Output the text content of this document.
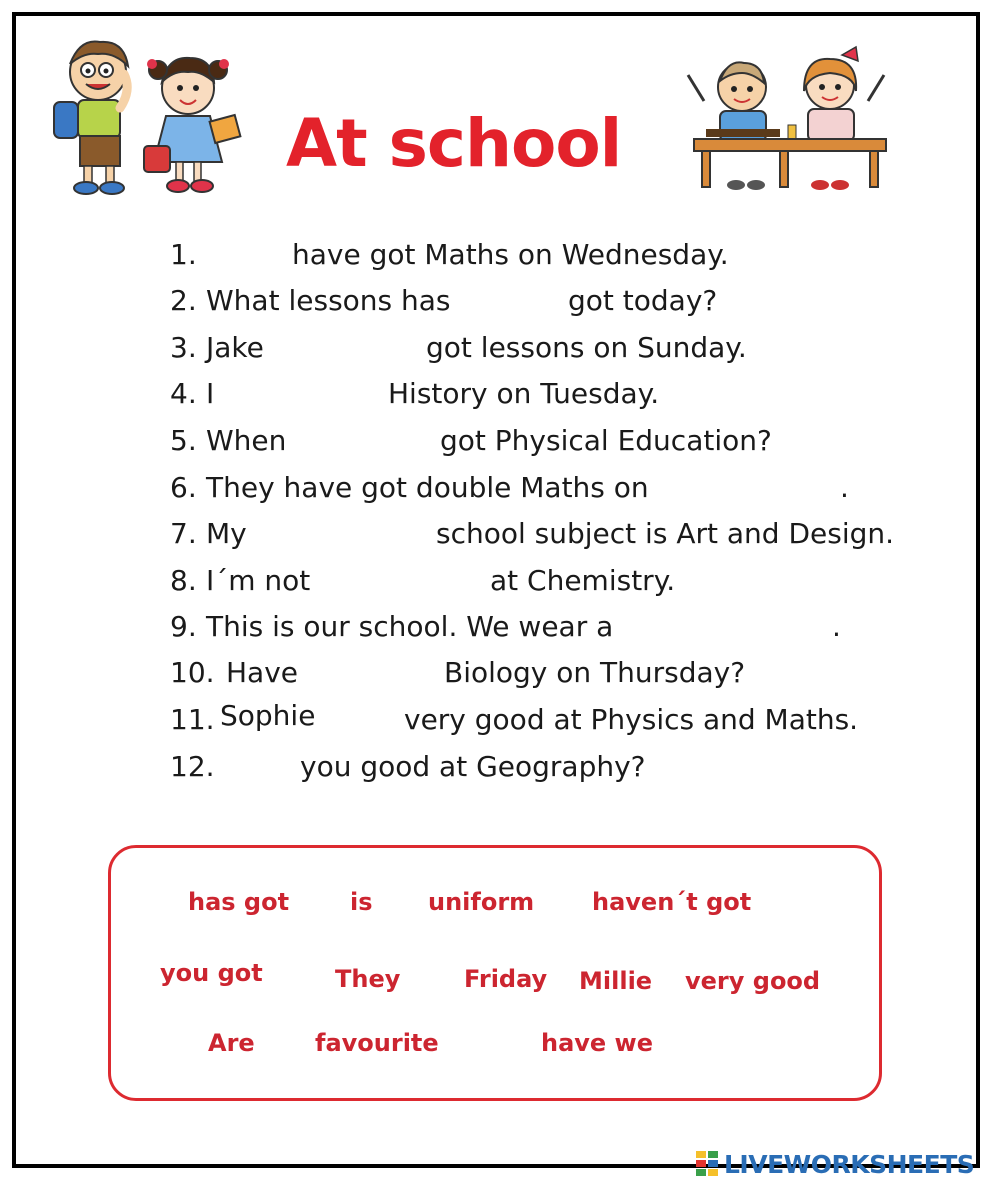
At school
1.	have got Maths on Wednesday.
2. What lessons has	got today?
3. Jake	got lessons on Sunday.
4. I	History on Tuesday.
5. When	got Physical Education?
6. They have got double Maths on	.
7. My	school subject is Art and Design.
8. I´m not	at Chemistry.
9. This is our school. We wear a	.
10. Have	Biology on Thursday?
11. Sophie	very good at Physics and Maths.
12.	you good at Geography?
has got	is uniform haven´t got
you got	They	Friday Millie very good
Are	favourite	have we
LIVEWORKSHEETS
